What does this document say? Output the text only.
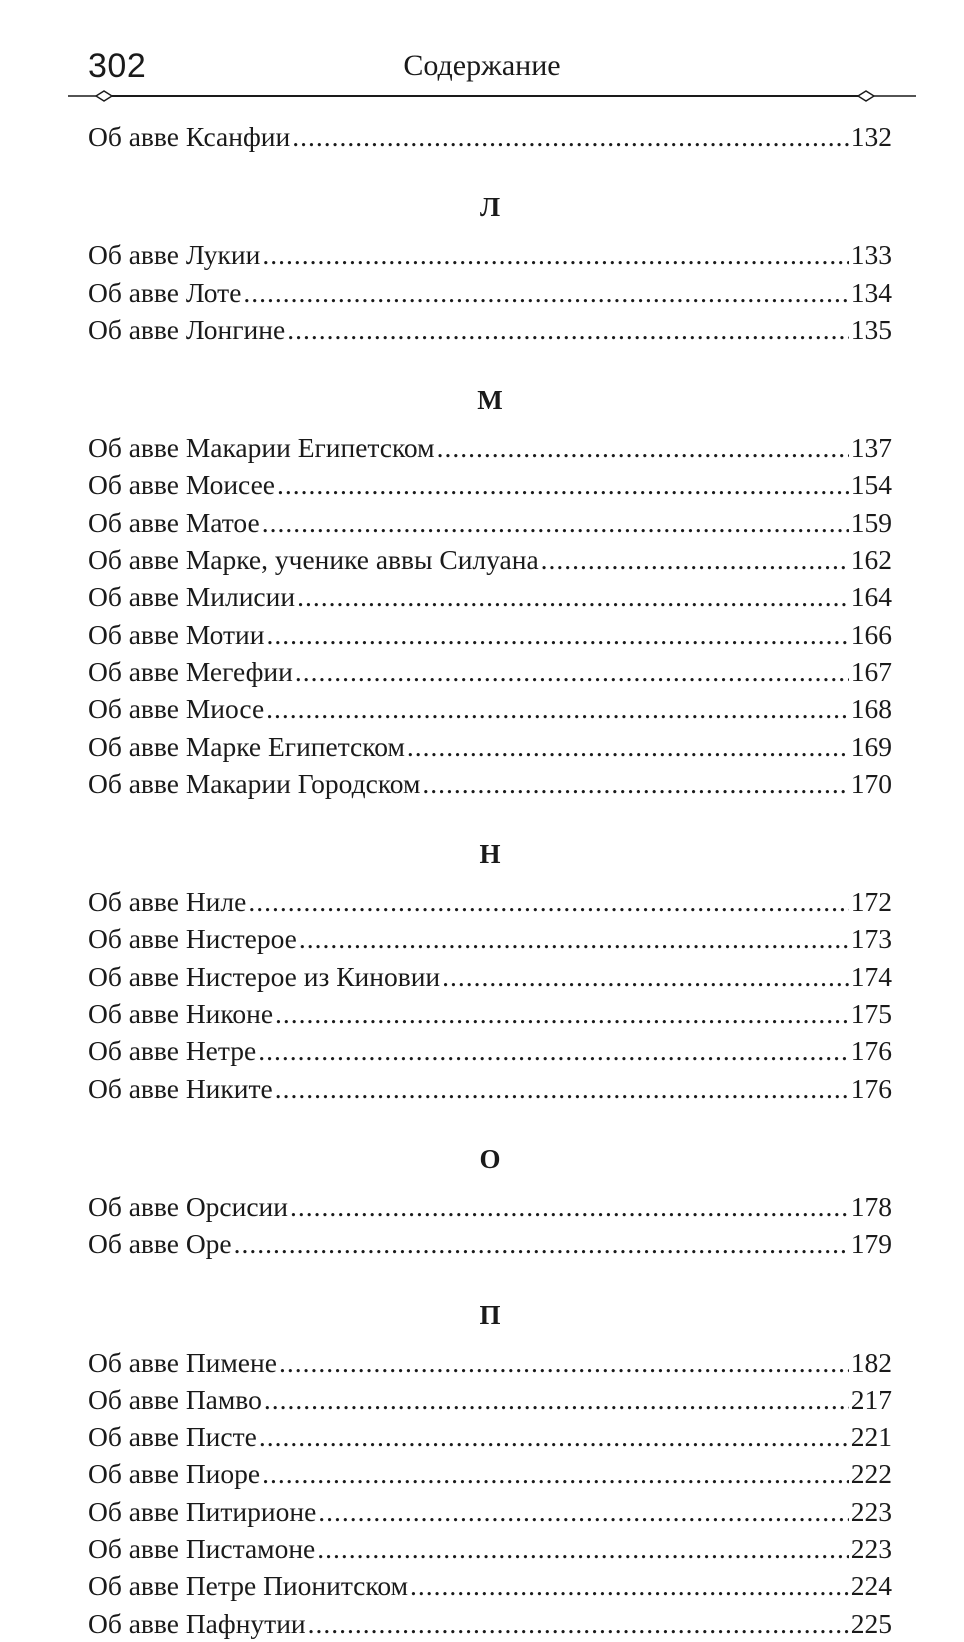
302	Содержание
Об авве Ксанфии .....	132
Л
Об авве Лукии .....	133
Об авве Лоте .....	134
Об авве Лонгине .....	135
М
Об авве Макарии Египетском .....	137
Об авве Моисее .....	154
Об авве Матое .....	159
Об авве Марке, ученике аввы Силуана .....	162
Об авве Милисии .....	164
Об авве Мотии .....	166
Об авве Мегефии .....	167
Об авве Миосе .....	168
Об авве Марке Египетском .....	169
Об авве Макарии Городском .....	170
Н
Об авве Ниле .....	172
Об авве Нистерое .....	173
Об авве Нистерое из Киновии .....	174
Об авве Никоне .....	175
Об авве Нетре .....	176
Об авве Никите .....	176
О
Об авве Орсисии .....	178
Об авве Оре .....	179
П
Об авве Пимене .....	182
Об авве Памво .....	217
Об авве Писте .....	221
Об авве Пиоре .....	222
Об авве Питирионе .....	223
Об авве Пистамоне .....	223
Об авве Петре Пионитском .....	224
Об авве Пафнутии .....	225
